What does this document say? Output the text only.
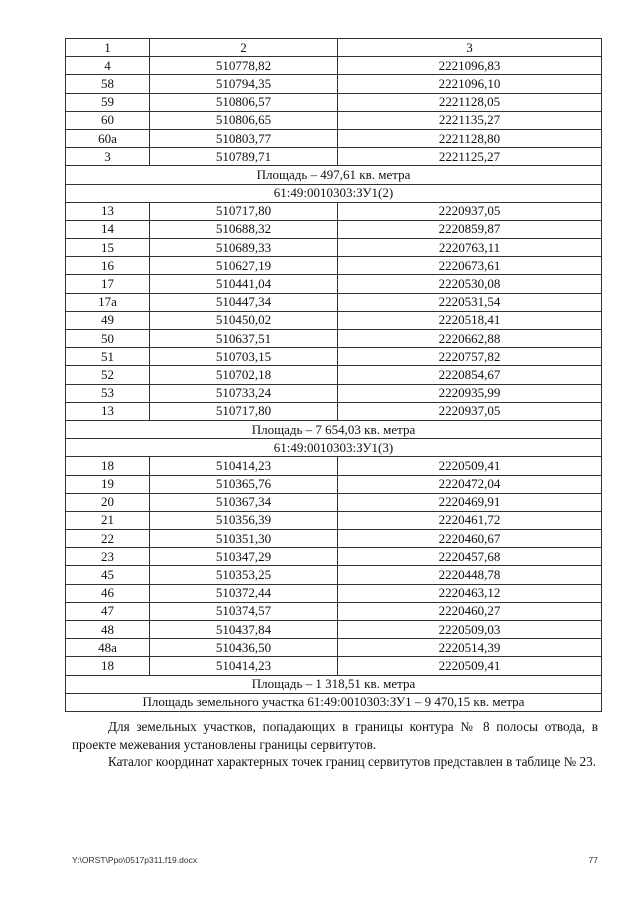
1	2	3
4	510778,82	2221096,83
58	510794,35	2221096,10
59	510806,57	2221128,05
60	510806,65	2221135,27
60а	510803,77	2221128,80
3	510789,71	2221125,27
Площадь – 497,61 кв. метра		
61:49:0010303:ЗУ1(2)		
13	510717,80	2220937,05
14	510688,32	2220859,87
15	510689,33	2220763,11
16	510627,19	2220673,61
17	510441,04	2220530,08
17а	510447,34	2220531,54
49	510450,02	2220518,41
50	510637,51	2220662,88
51	510703,15	2220757,82
52	510702,18	2220854,67
53	510733,24	2220935,99
13	510717,80	2220937,05
Площадь – 7 654,03 кв. метра		
61:49:0010303:ЗУ1(3)		
18	510414,23	2220509,41
19	510365,76	2220472,04
20	510367,34	2220469,91
21	510356,39	2220461,72
22	510351,30	2220460,67
23	510347,29	2220457,68
45	510353,25	2220448,78
46	510372,44	2220463,12
47	510374,57	2220460,27
48	510437,84	2220509,03
48а	510436,50	2220514,39
18	510414,23	2220509,41
Площадь – 1 318,51 кв. метра		
Площадь земельного участка 61:49:0010303:ЗУ1 – 9 470,15 кв. метра		

Для земельных участков, попадающих в границы контура № 8 полосы отвода, в проекте межевания установлены границы сервитутов.

Каталог координат характерных точек границ сервитутов представлен в таблице № 23.

Y:\ORST\Ppo\0517p311.f19.docx	77
